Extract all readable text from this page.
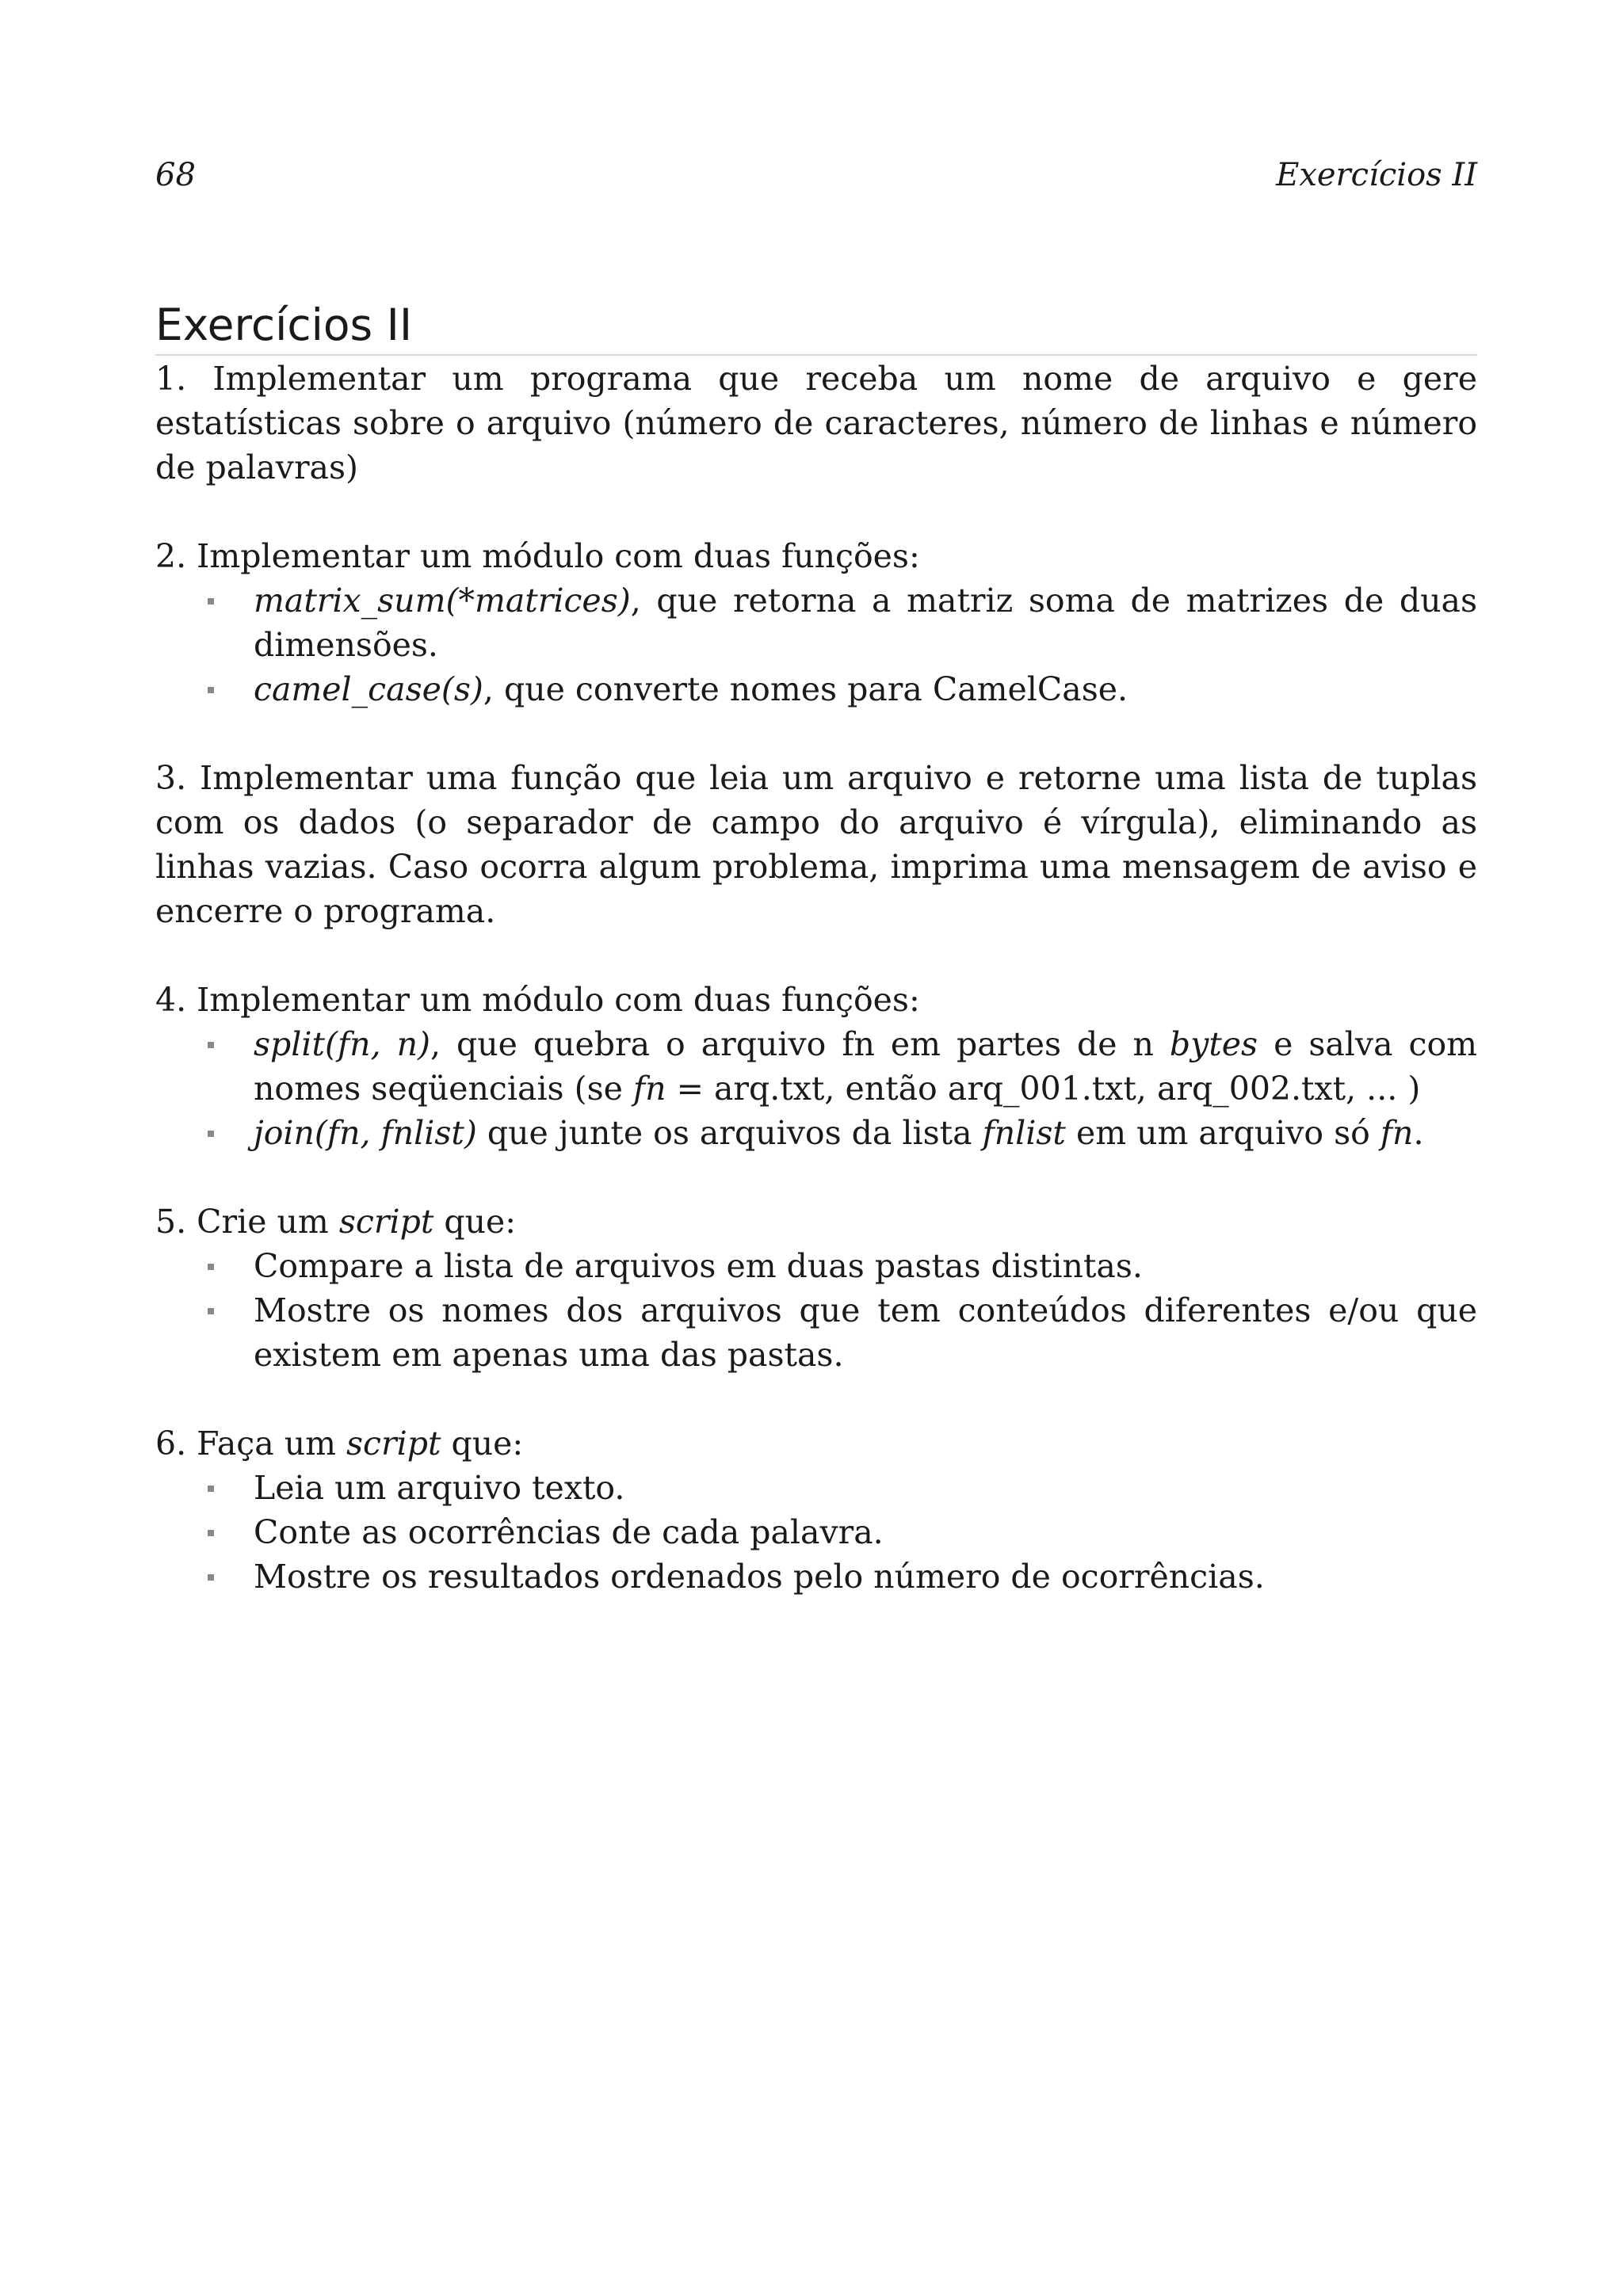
68	Exercícios II
Exercícios II

1. Implementar um programa que receba um nome de arquivo e gere estatísticas sobre o arquivo (número de caracteres, número de linhas e número de palavras)

2. Implementar um módulo com duas funções:

matrix_sum(*matrices), que retorna a matriz soma de matrizes de duas dimensões.
camel_case(s), que converte nomes para CamelCase.

3. Implementar uma função que leia um arquivo e retorne uma lista de tuplas com os dados (o separador de campo do arquivo é vírgula), eliminando as linhas vazias. Caso ocorra algum problema, imprima uma mensagem de aviso e encerre o programa.

4. Implementar um módulo com duas funções:

split(fn, n), que quebra o arquivo fn em partes de n bytes e salva com nomes seqüenciais (se fn = arq.txt, então arq_001.txt, arq_002.txt, ... )
join(fn, fnlist) que junte os arquivos da lista fnlist em um arquivo só fn.

5. Crie um script que:

Compare a lista de arquivos em duas pastas distintas.
Mostre os nomes dos arquivos que tem conteúdos diferentes e/ou que existem em apenas uma das pastas.

6. Faça um script que:

Leia um arquivo texto.
Conte as ocorrências de cada palavra.
Mostre os resultados ordenados pelo número de ocorrências.
